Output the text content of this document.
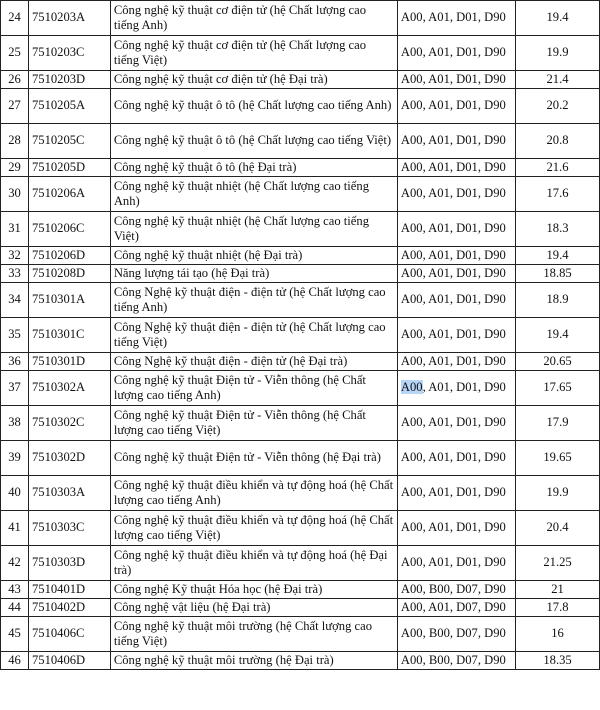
24	7510203A	Công nghệ kỹ thuật cơ điện tử (hệ Chất lượng cao tiếng Anh)	A00, A01, D01, D90	19.4
25	7510203C	Công nghệ kỹ thuật cơ điện tử (hệ Chất lượng cao tiếng Việt)	A00, A01, D01, D90	19.9
26	7510203D	Công nghệ kỹ thuật cơ điện tử (hệ Đại trà)	A00, A01, D01, D90	21.4
27	7510205A	Công nghệ kỹ thuật ô tô (hệ Chất lượng cao tiếng Anh)	A00, A01, D01, D90	20.2
28	7510205C	Công nghệ kỹ thuật ô tô (hệ Chất lượng cao tiếng Việt)	A00, A01, D01, D90	20.8
29	7510205D	Công nghệ kỹ thuật ô tô (hệ Đại trà)	A00, A01, D01, D90	21.6
30	7510206A	Công nghệ kỹ thuật nhiệt (hệ Chất lượng cao tiếng Anh)	A00, A01, D01, D90	17.6
31	7510206C	Công nghệ kỹ thuật nhiệt (hệ Chất lượng cao tiếng Việt)	A00, A01, D01, D90	18.3
32	7510206D	Công nghệ kỹ thuật nhiệt (hệ Đại trà)	A00, A01, D01, D90	19.4
33	7510208D	Năng lượng tái tạo (hệ Đại trà)	A00, A01, D01, D90	18.85
34	7510301A	Công Nghệ kỹ thuật điện - điện tử (hệ Chất lượng cao tiếng Anh)	A00, A01, D01, D90	18.9
35	7510301C	Công Nghệ kỹ thuật điện - điện tử (hệ Chất lượng cao tiếng Việt)	A00, A01, D01, D90	19.4
36	7510301D	Công Nghệ kỹ thuật điện - điện tử (hệ Đại trà)	A00, A01, D01, D90	20.65
37	7510302A	Công nghệ kỹ thuật Điện tử - Viễn thông (hệ Chất lượng cao tiếng Anh)	A00, A01, D01, D90	17.65
38	7510302C	Công nghệ kỹ thuật Điện tử - Viễn thông (hệ Chất lượng cao tiếng Việt)	A00, A01, D01, D90	17.9
39	7510302D	Công nghệ kỹ thuật Điện tử - Viễn thông (hệ Đại trà)	A00, A01, D01, D90	19.65
40	7510303A	Công nghệ kỹ thuật điều khiển và tự động hoá (hệ Chất lượng cao tiếng Anh)	A00, A01, D01, D90	19.9
41	7510303C	Công nghệ kỹ thuật điều khiển và tự động hoá (hệ Chất lượng cao tiếng Việt)	A00, A01, D01, D90	20.4
42	7510303D	Công nghệ kỹ thuật điều khiển và tự động hoá (hệ Đại trà)	A00, A01, D01, D90	21.25
43	7510401D	Công nghệ Kỹ thuật Hóa học (hệ Đại trà)	A00, B00, D07, D90	21
44	7510402D	Công nghệ vật liệu (hệ Đại trà)	A00, A01, D07, D90	17.8
45	7510406C	Công nghệ kỹ thuật môi trường (hệ Chất lượng cao tiếng Việt)	A00, B00, D07, D90	16
46	7510406D	Công nghệ kỹ thuật môi trường (hệ Đại trà)	A00, B00, D07, D90	18.35
